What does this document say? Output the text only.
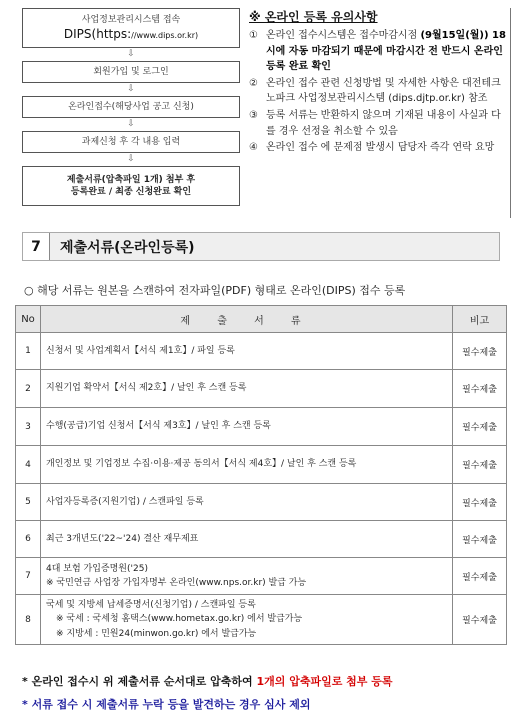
사업정보관리시스템 접속
DIPS(https://www.dips.or.kr)
⇩
회원가입 및 로그인
⇩
온라인접수(해당사업 공고 신청)
⇩
과제신청 후 각 내용 입력
⇩
제출서류(압축파일 1개) 첨부 후
등록완료 / 최종 신청완료 확인
※ 온라인 등록 유의사항
① 온라인 접수시스템은 접수마감시점 (9월15일(월)) 18시에 자동 마감되기 때문에 마감시간 전 반드시 온라인 등록 완료 확인
② 온라인 접수 관련 신청방법 및 자세한 사항은 대전테크노파크 사업정보관리시스템 (dips.djtp.or.kr) 참조
③ 등록 서류는 반환하지 않으며 기재된 내용이 사실과 다를 경우 선정을 취소할 수 있음
④ 온라인 접수 에 문제점 발생시 담당자 즉각 연락 요망
7	제출서류(온라인등록)
○ 해당 서류는 원본을 스캔하여 전자파일(PDF) 형태로 온라인(DIPS) 접수 등록
No	제 출 서 류	비고
1	신청서 및 사업계획서【서식 제1호】/ 파일 등록	필수제출
2	지원기업 확약서【서식 제2호】/ 날인 후 스캔 등록	필수제출
3	수행(공급)기업 신청서【서식 제3호】/ 날인 후 스캔 등록	필수제출
4	개인정보 및 기업정보 수집·이용·제공 동의서【서식 제4호】/ 날인 후 스캔 등록	필수제출
5	사업자등록증(지원기업) / 스캔파일 등록	필수제출
6	최근 3개년도('22~'24) 결산 재무제표	필수제출
7	4대 보험 가입증명원('25)
※ 국민연금 사업장 가입자명부 온라인(www.nps.or.kr) 발급 가능	필수제출
8	국세 및 지방세 납세증명서(신청기업) / 스캔파일 등록
※ 국세 : 국세청 홈택스(www.hometax.go.kr) 에서 발급가능
※ 지방세 : 민원24(minwon.go.kr) 에서 발급가능	필수제출
* 온라인 접수시 위 제출서류 순서대로 압축하여 1개의 압축파일로 첨부 등록
* 서류 접수 시 제출서류 누락 등을 발견하는 경우 심사 제외
